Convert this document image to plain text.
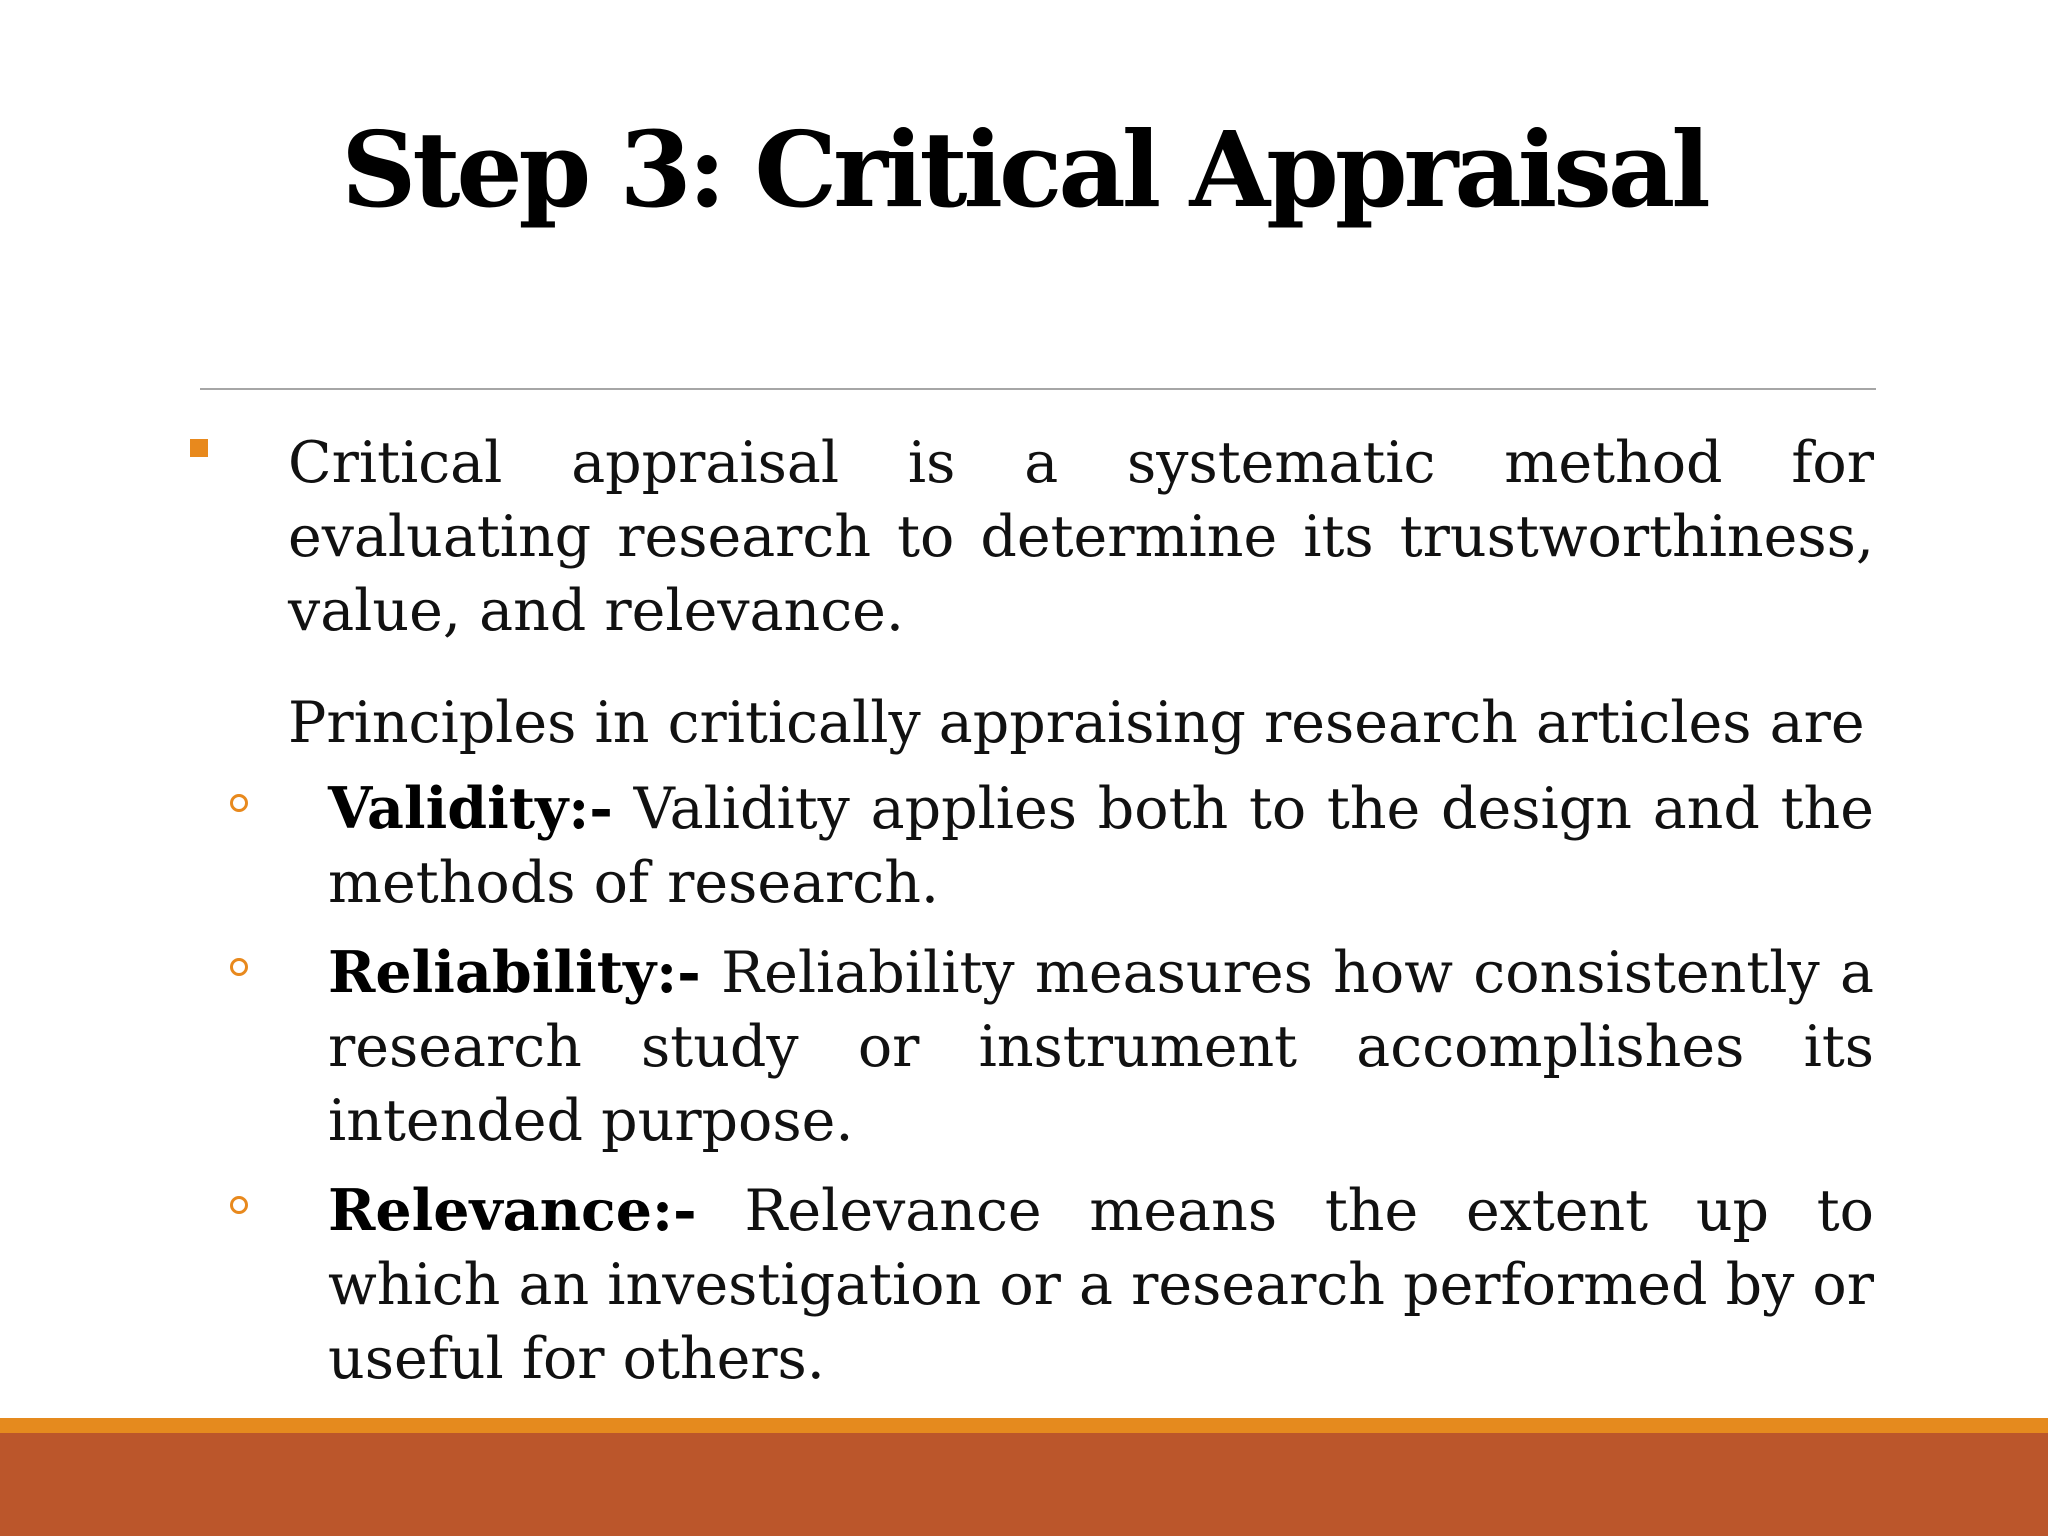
Step 3: Critical Appraisal

Critical appraisal is a systematic method for evaluating research to determine its trustworthiness, value, and relevance.

Principles in critically appraising research articles are

Validity:- Validity applies both to the design and the methods of research.

Reliability:- Reliability measures how consistently a research study or instrument accomplishes its intended purpose.

Relevance:- Relevance means the extent up to which an investigation or a research performed by or useful for others.
